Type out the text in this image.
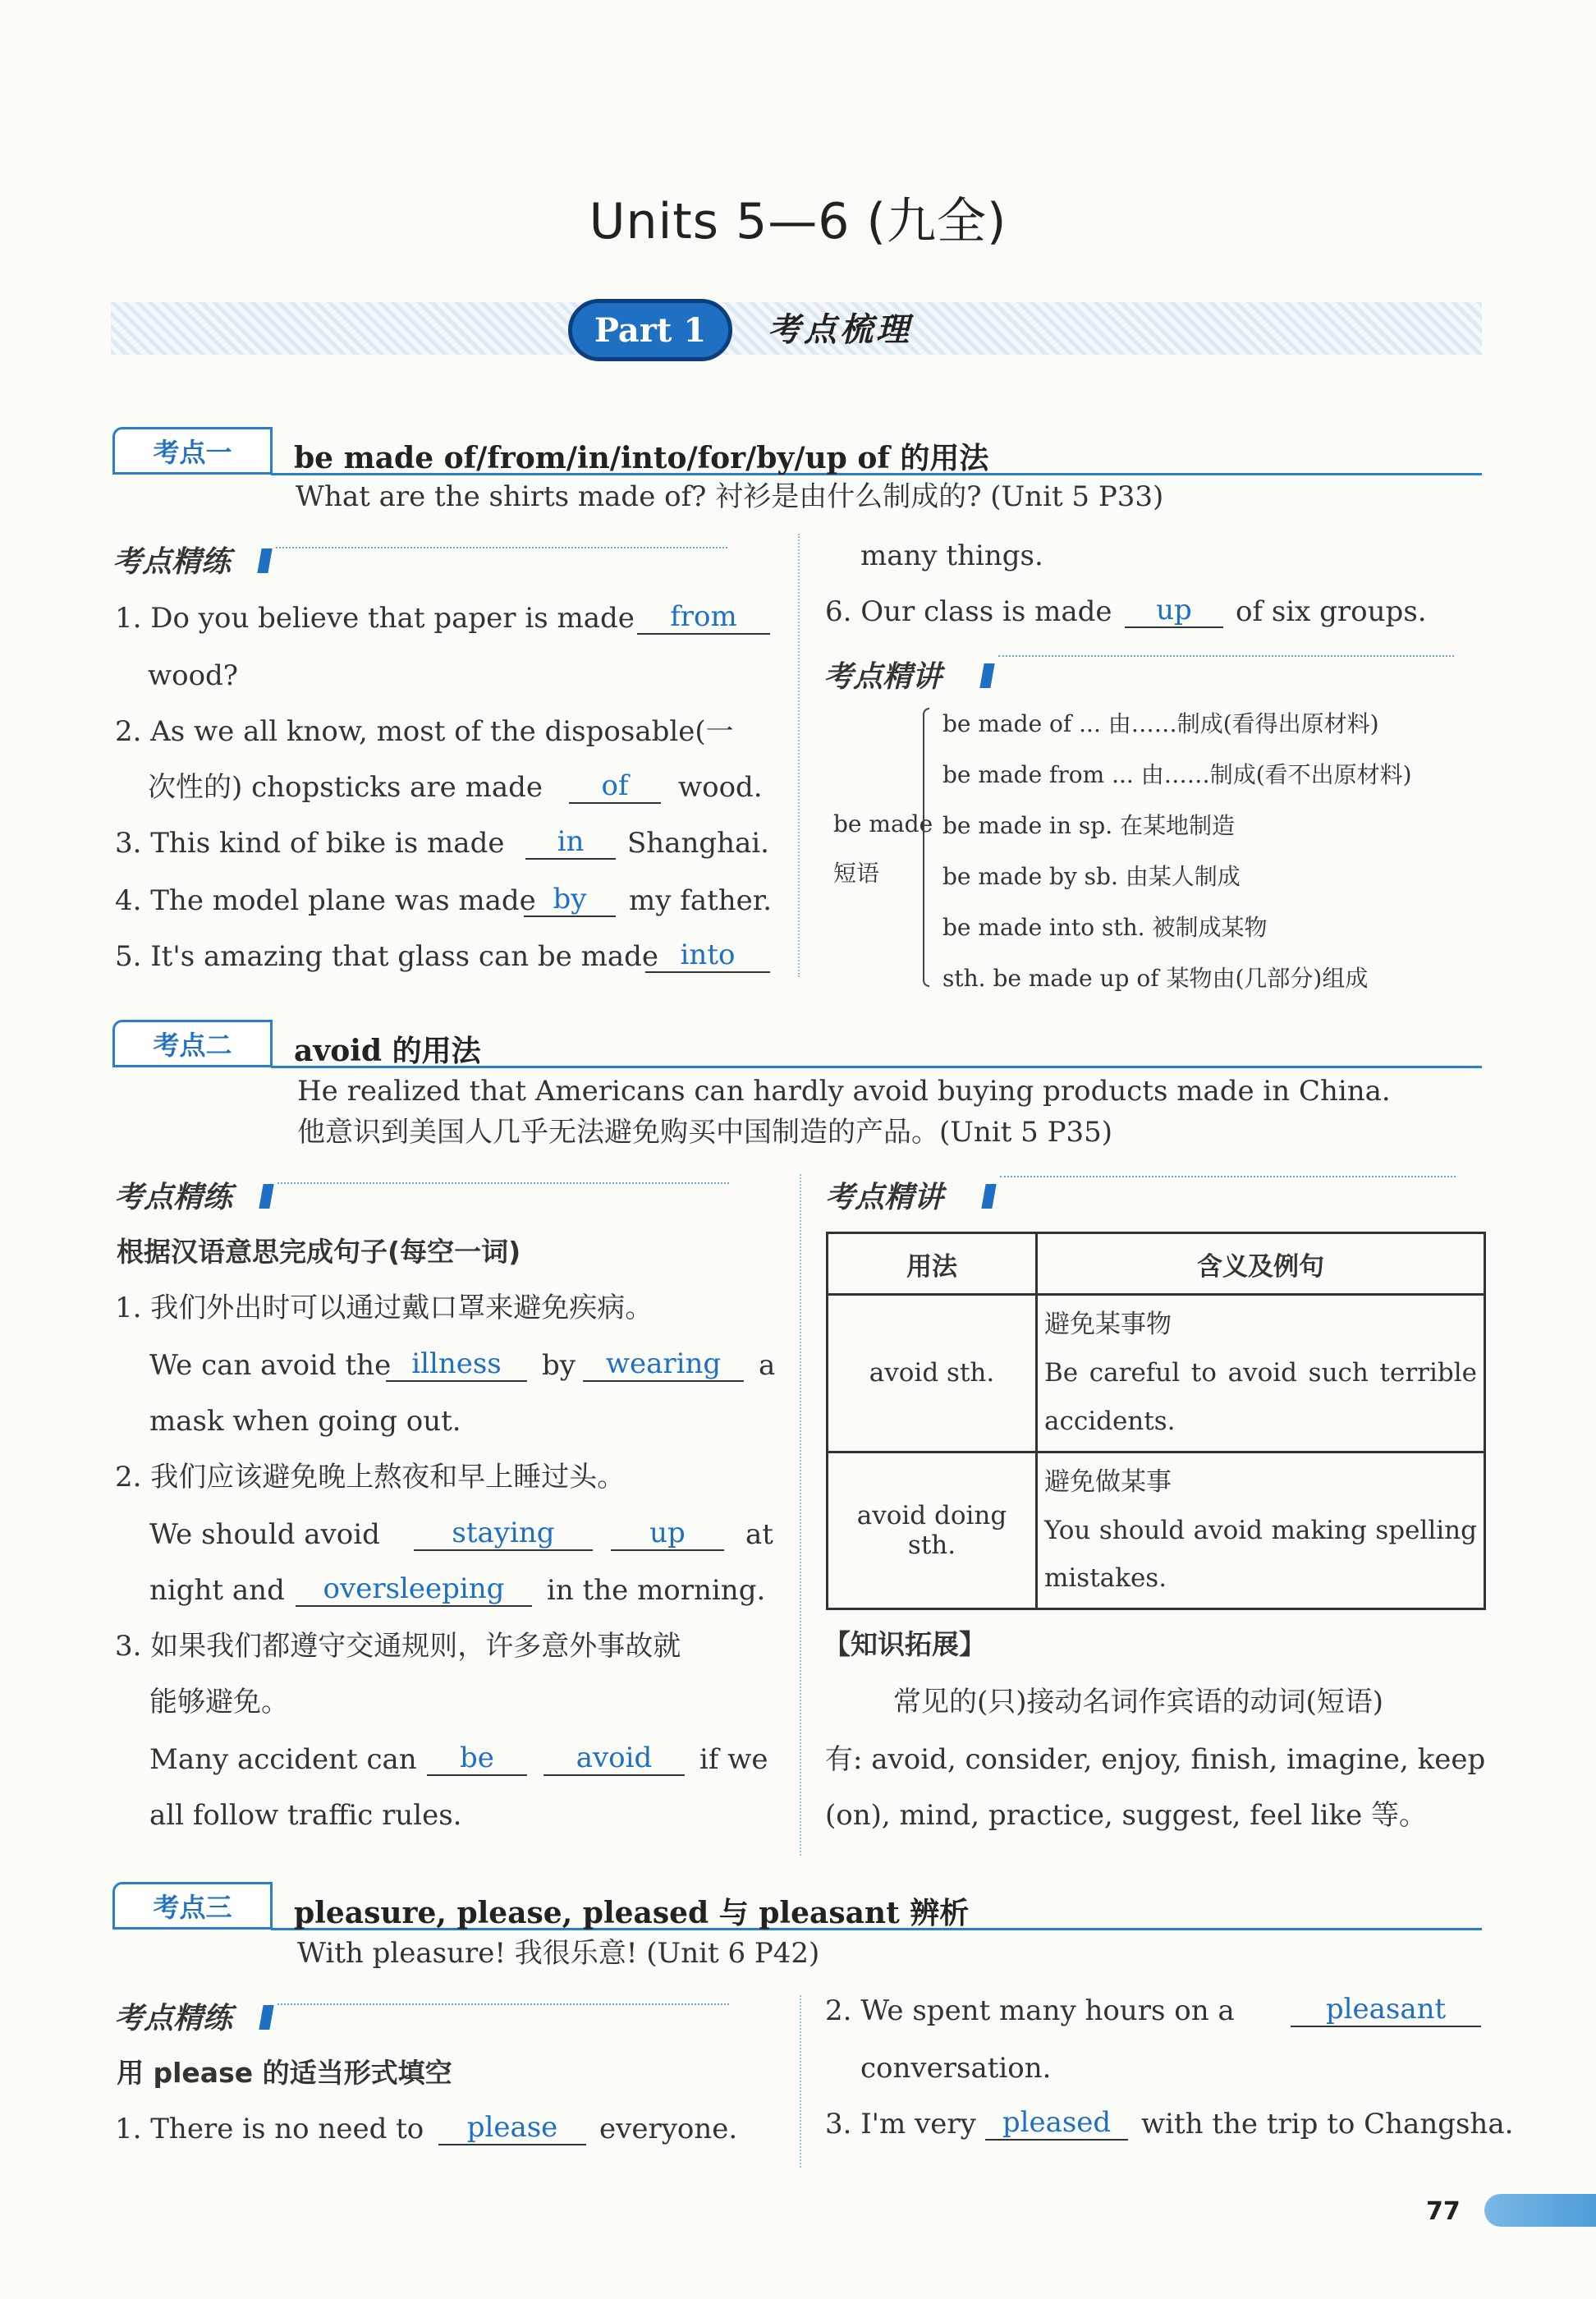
Units 5—6 (九全)
Part 1 考点梳理
考点一	be made of/from/in/into/for/by/up of 的用法
What are the shirts made of? 衬衫是由什么制成的? (Unit 5 P33)
考点精练
1. Do you believe that paper is made	from
wood?
2. As we all know, most of the disposable(一
次性的) chopsticks are made	of	wood.
3. This kind of bike is made	in	Shanghai.
4. The model plane was made by	my father.
5. It's amazing that glass can be made into
many things.
6. Our class is made	up	of six groups.
考点精讲
be made
短语
be made of ... 由……制成(看得出原材料)
be made from ... 由……制成(看不出原材料)
be made in sp. 在某地制造
be made by sb. 由某人制成
be made into sth. 被制成某物
sth. be made up of 某物由(几部分)组成
考点二	avoid 的用法
He realized that Americans can hardly avoid buying products made in China.
他意识到美国人几乎无法避免购买中国制造的产品。(Unit 5 P35)
考点精练
根据汉语意思完成句子(每空一词)
1. 我们外出时可以通过戴口罩来避免疾病。
We can avoid the illness	by	wearing	a
mask when going out.
2. 我们应该避免晚上熬夜和早上睡过头。
We should avoid	staying	up	at
night and	oversleeping	in the morning.
3. 如果我们都遵守交通规则，许多意外事故就
能够避免。
Many accident can	be	avoid	if we
all follow traffic rules.
考点精讲
用法	含义及例句
avoid sth.	避免某事物
Be careful to avoid such terrible accidents.

avoid doing sth.	避免做某事
You should avoid making spelling mistakes.
【知识拓展】
常见的(只)接动名词作宾语的动词(短语)
有: avoid, consider, enjoy, finish, imagine, keep
(on), mind, practice, suggest, feel like 等。
考点三	pleasure, please, pleased 与 pleasant 辨析
With pleasure! 我很乐意! (Unit 6 P42)
考点精练
用 please 的适当形式填空
1. There is no need to	please	everyone.
2. We spent many hours on a	pleasant
conversation.
3. I'm very pleased	with the trip to Changsha.
77
